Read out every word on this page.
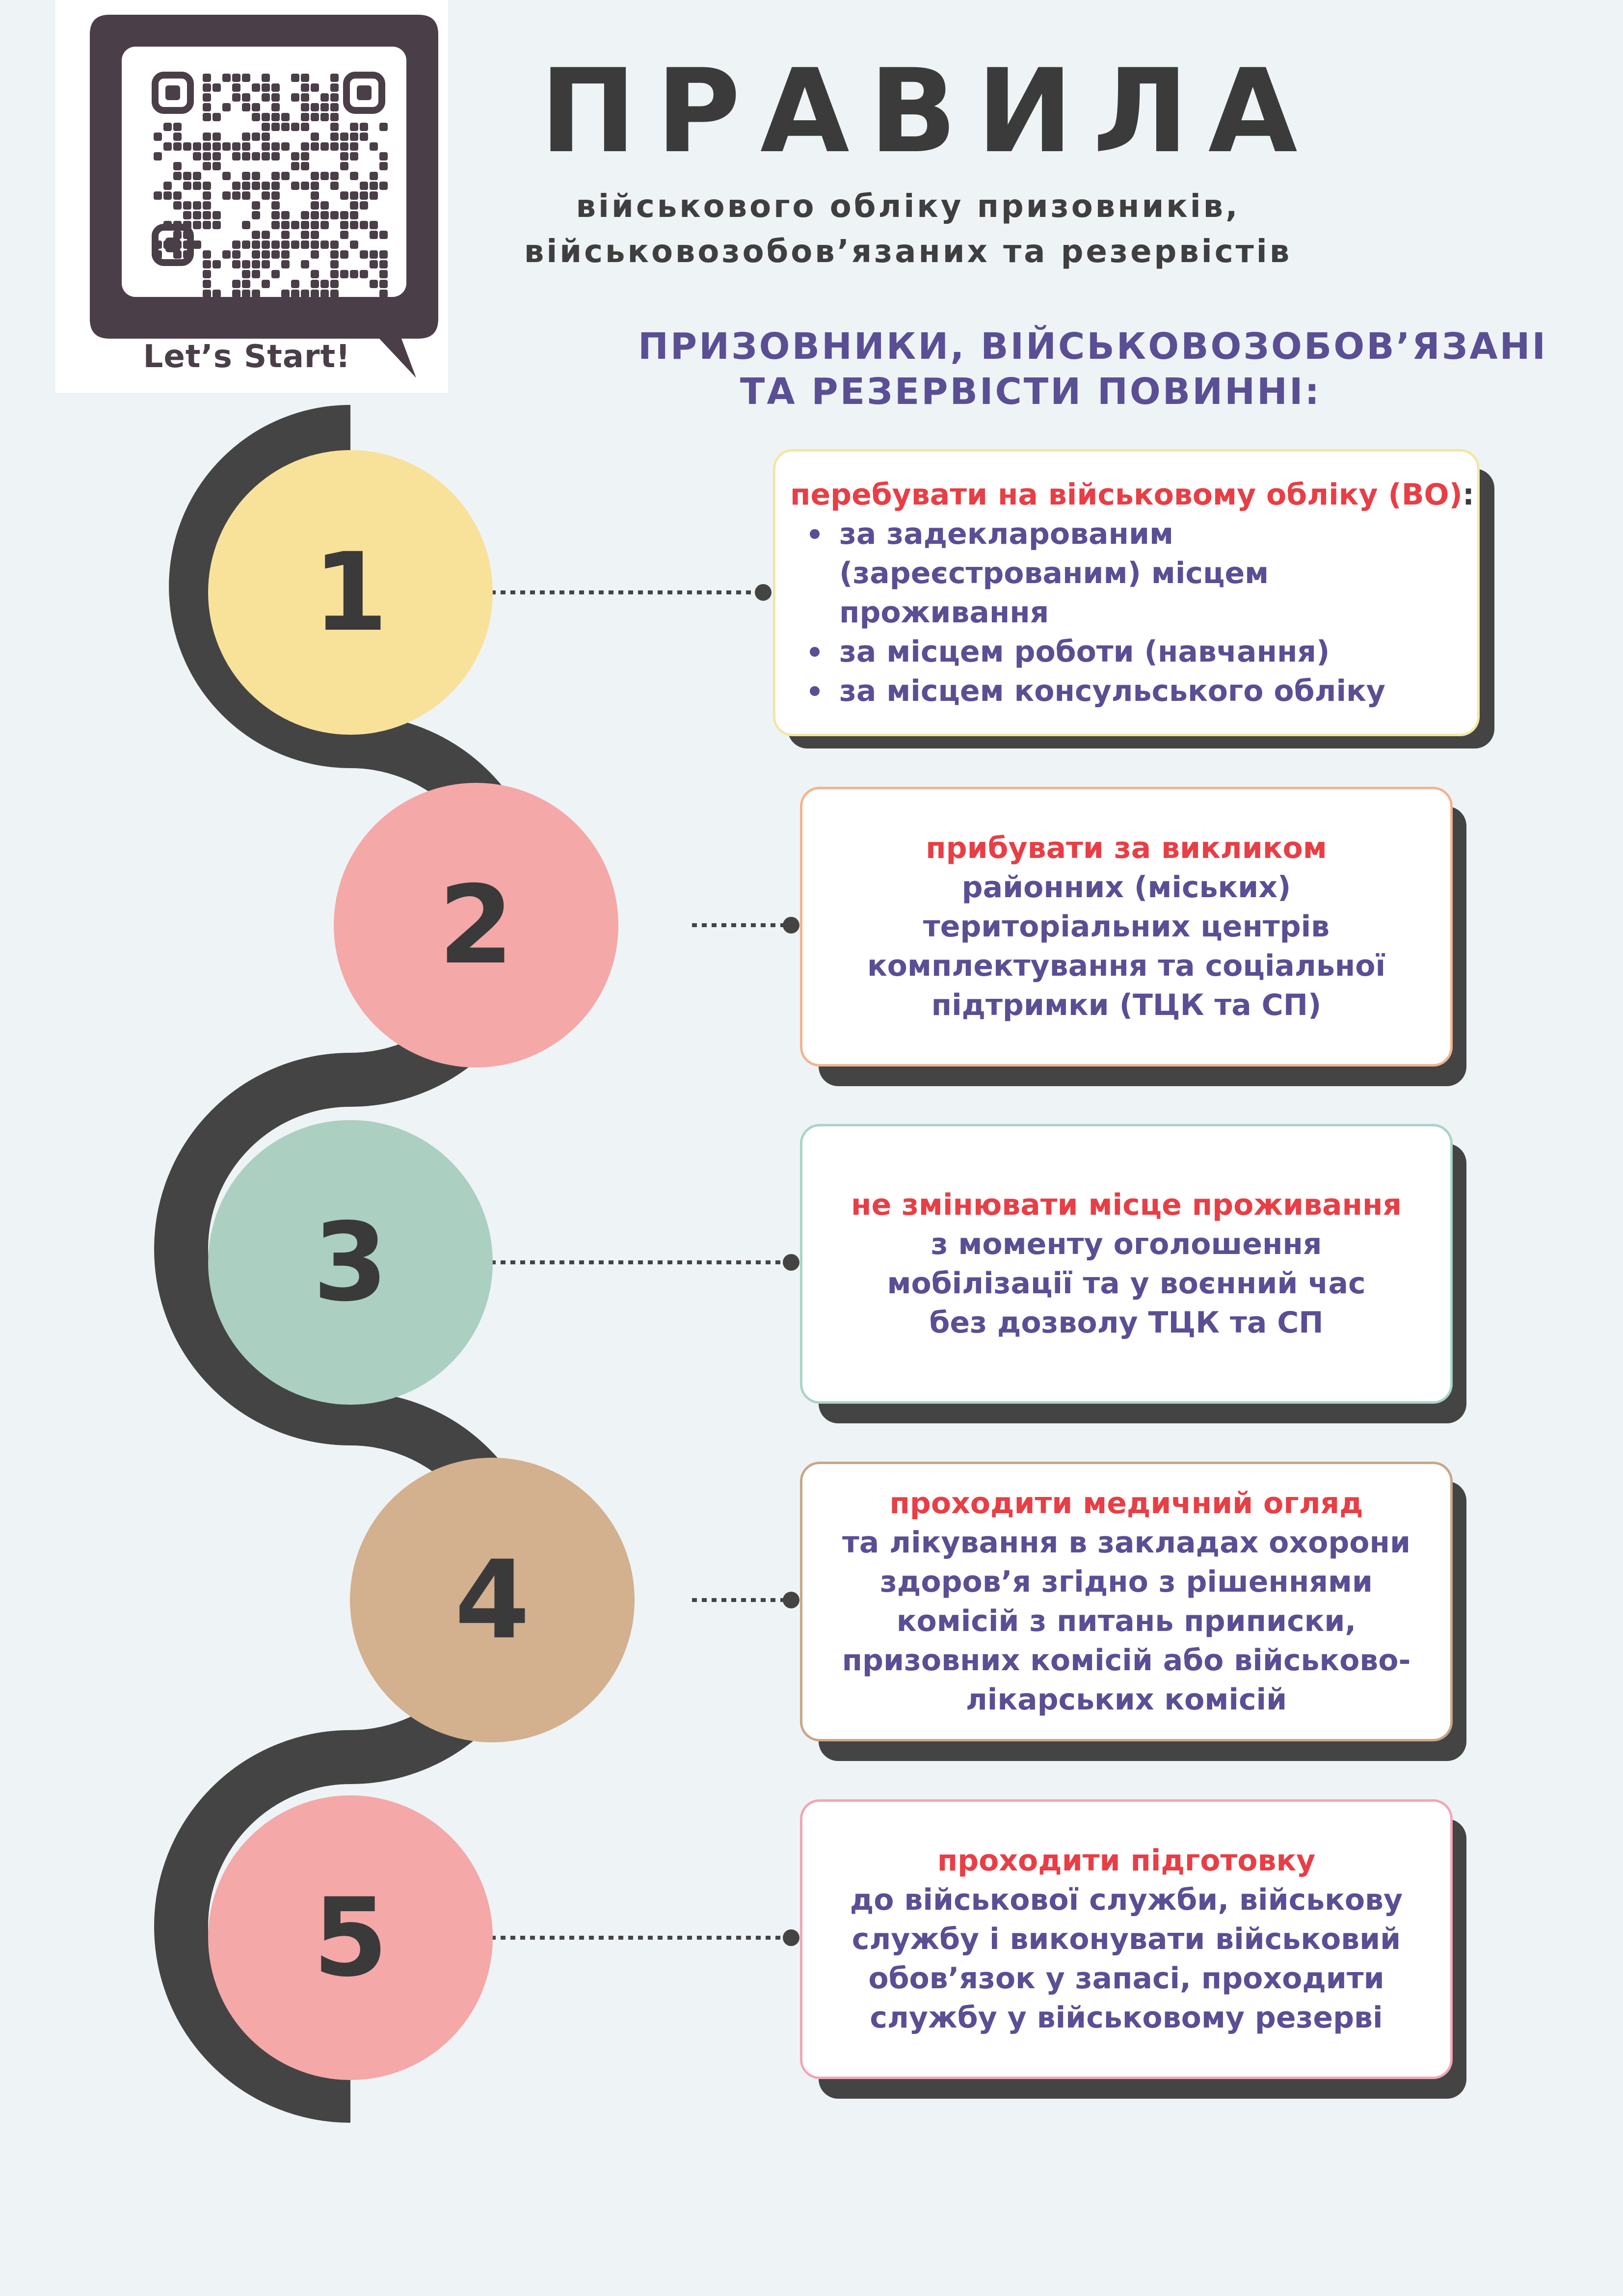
Let’s Start!
ПРАВИЛА
військового обліку призовників,
військовозобов’язаних та резервістів
ПРИЗОВНИКИ, ВІЙСЬКОВОЗОБОВ’ЯЗАНІ
ТА РЕЗЕРВІСТИ ПОВИННІ:
1
2
3
4
5
перебувати на військовому обліку (ВО):
за задекларованим
(зареєстрованим) місцем
проживання
за місцем роботи (навчання)
за місцем консульського обліку
прибувати за викликом
районних (міських)
територіальних центрів
комплектування та соціальної
підтримки (ТЦК та СП)
не змінювати місце проживання
з моменту оголошення
мобілізації та у воєнний час
без дозволу ТЦК та СП
проходити медичний огляд
та лікування в закладах охорони
здоров’я згідно з рішеннями
комісій з питань приписки,
призовних комісій або військово-
лікарських комісій
проходити підготовку
до військової служби, військову
службу і виконувати військовий
обов’язок у запасі, проходити
службу у військовому резерві
